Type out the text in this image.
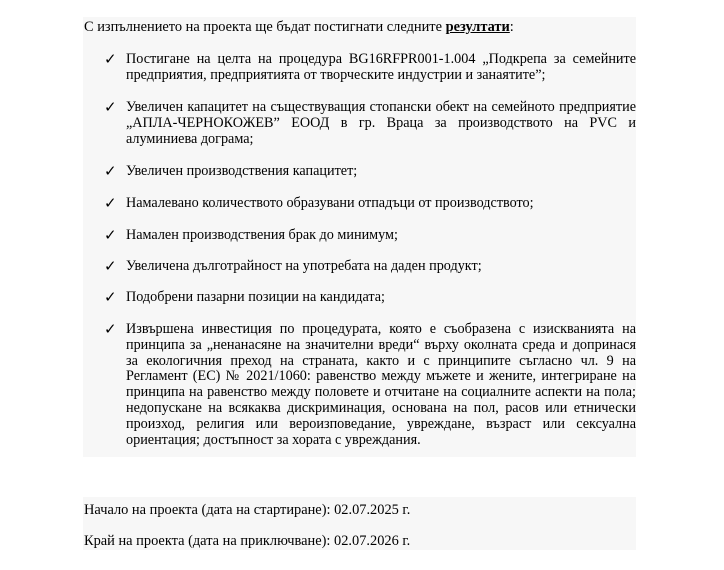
С изпълнението на проекта ще бъдат постигнати следните резултати:
✓ Постигане на целта на процедура BG16RFPR001-1.004 „Подкрепа за семейните предприятия, предприятията от творческите индустрии и занаятите”;
✓ Увеличен капацитет на съществуващия стопански обект на семейното предприятие „АПЛА-ЧЕРНОКОЖЕВ” ЕООД в гр. Враца за производството на PVC и алуминиева дограма;
✓ Увеличен производствения капацитет;
✓ Намалевано количеството образувани отпадъци от производството;
✓ Намален производствения брак до минимум;
✓ Увеличена дълготрайност на употребата на даден продукт;
✓ Подобрени пазарни позиции на кандидата;
✓ Извършена инвестиция по процедурата, която е съобразена с изискванията на принципа за „ненанасяне на значителни вреди“ върху околната среда и допринася за екологичния преход на страната, както и с принципите съгласно чл. 9 на Регламент (ЕС) № 2021/1060: равенство между мъжете и жените, интегриране на принципа на равенство между половете и отчитане на социалните аспекти на пола; недопускане на всякаква дискриминация, основана на пол, расов или етнически произход, религия или вероизповедание, увреждане, възраст или сексуална ориентация; достъпност за хората с увреждания.
Начало на проекта (дата на стартиране): 02.07.2025 г.
Край на проекта (дата на приключване): 02.07.2026 г.
